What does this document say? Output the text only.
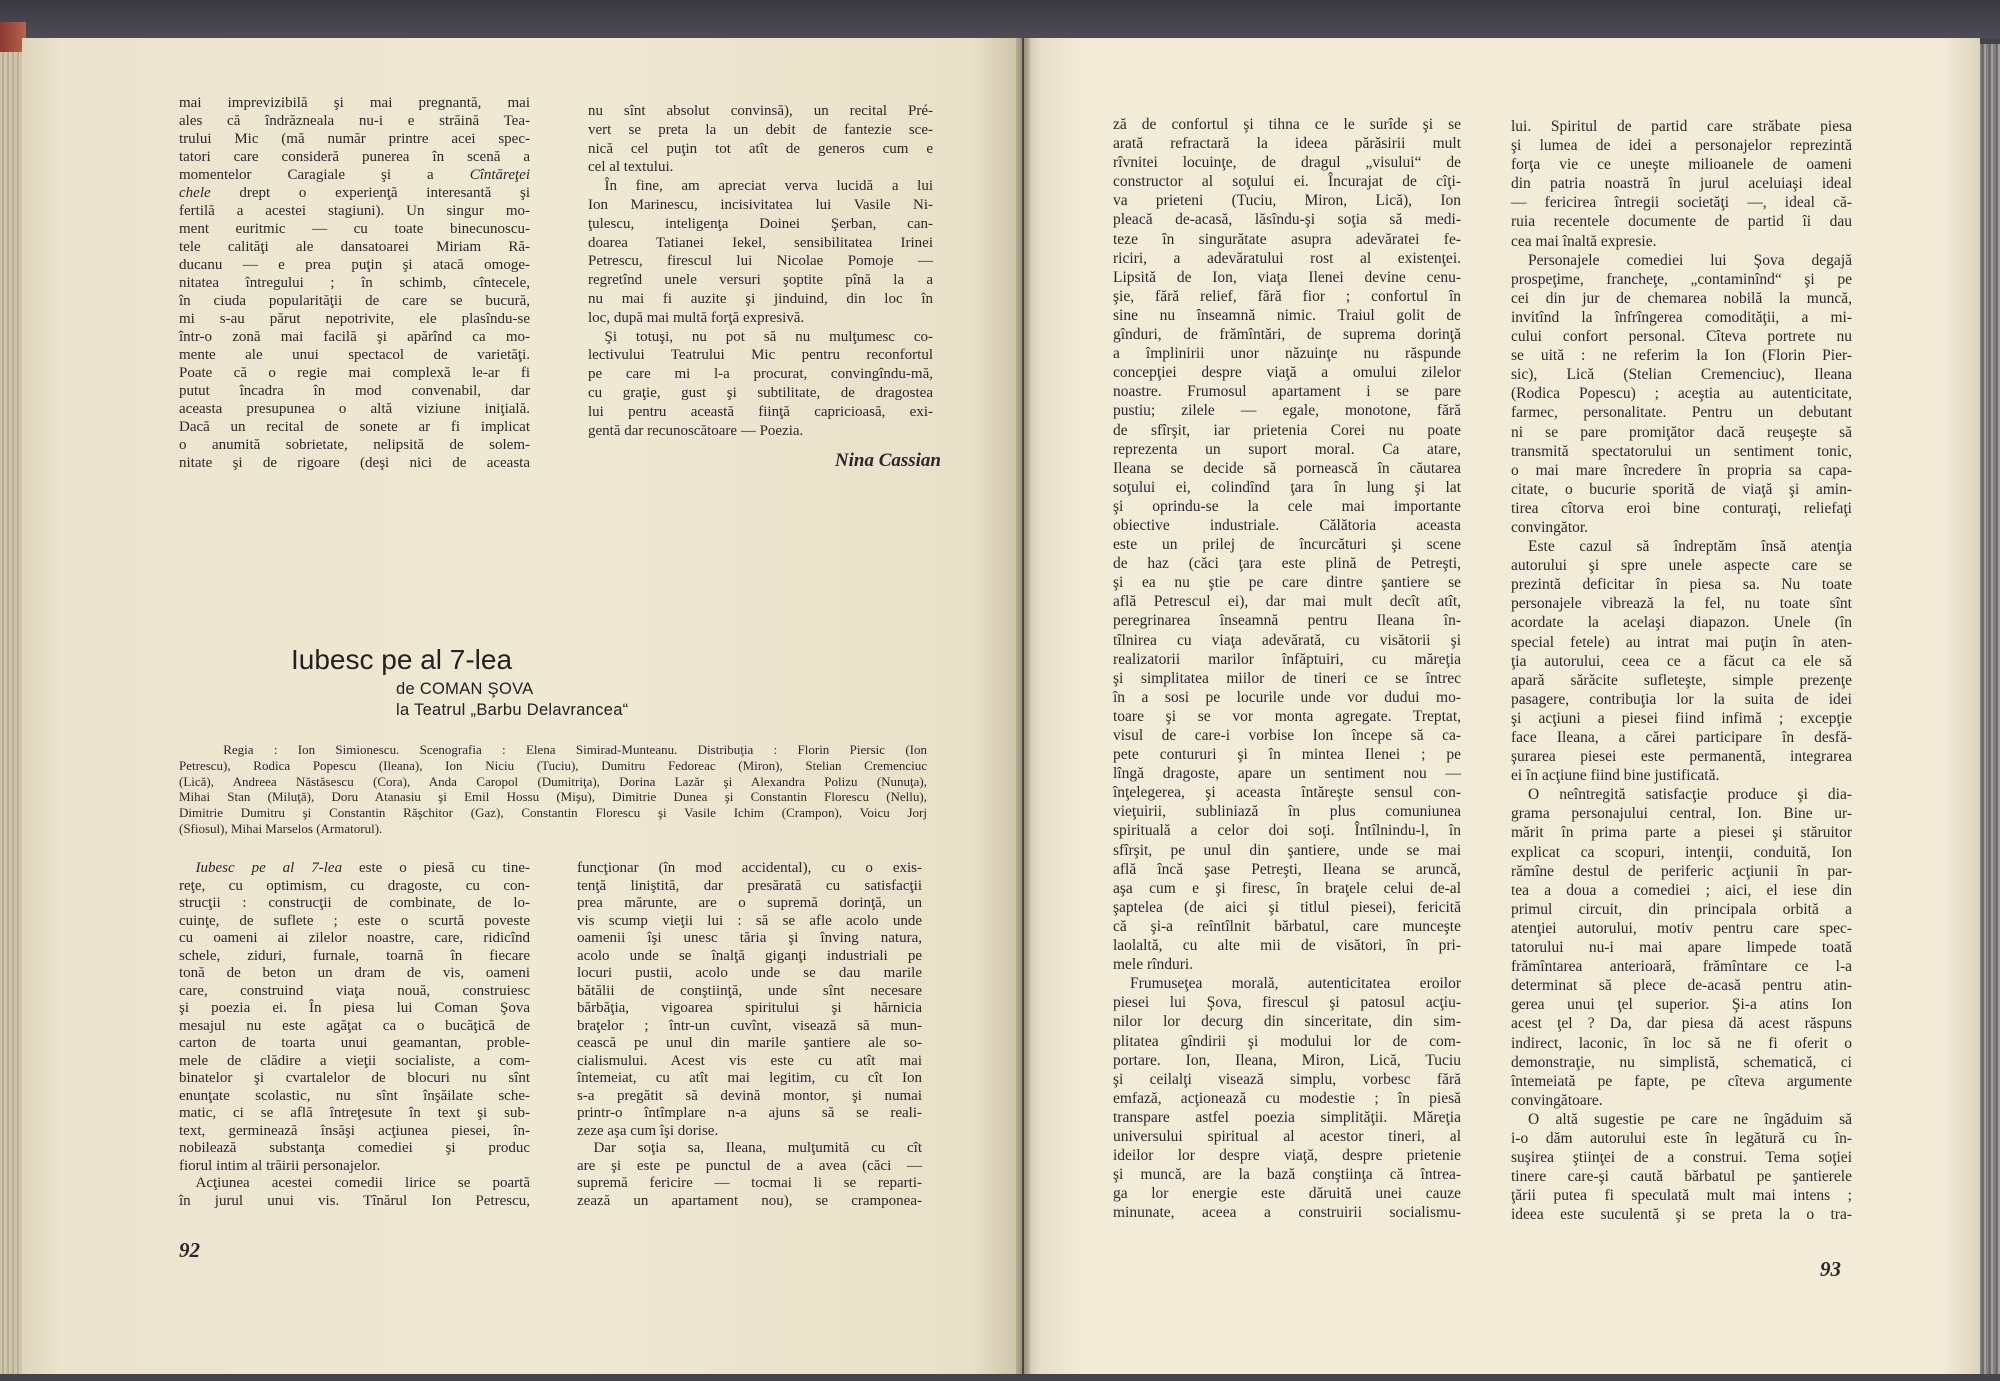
mai imprevizibilă şi mai pregnantă, mai
ales că îndrăzneala nu-i e străină Tea-
trului Mic (mă număr printre acei spec-
tatori care consideră punerea în scenă a
momentelor Caragiale şi a Cîntăreţei
chele drept o experienţă interesantă şi
fertilă a acestei stagiuni). Un singur mo-
ment euritmic — cu toate binecunoscu-
tele calităţi ale dansatoarei Miriam Ră-
ducanu — e prea puţin şi atacă omoge-
nitatea întregului ; în schimb, cîntecele,
în ciuda popularităţii de care se bucură,
mi s-au părut nepotrivite, ele plasîndu-se
într-o zonă mai facilă şi apărînd ca mo-
mente ale unui spectacol de varietăţi.
Poate că o regie mai complexă le-ar fi
putut încadra în mod convenabil, dar
aceasta presupunea o altă viziune iniţială.
Dacă un recital de sonete ar fi implicat
o anumită sobrietate, nelipsită de solem-
nitate şi de rigoare (deşi nici de aceasta
nu sînt absolut convinsă), un recital Pré-
vert se preta la un debit de fantezie sce-
nică cel puţin tot atît de generos cum e
cel al textului.
În fine, am apreciat verva lucidă a lui
Ion Marinescu, incisivitatea lui Vasile Ni-
ţulescu, inteligenţa Doinei Şerban, can-
doarea Tatianei Iekel, sensibilitatea Irinei
Petrescu, firescul lui Nicolae Pomoje —
regretînd unele versuri şoptite pînă la a
nu mai fi auzite şi jinduind, din loc în
loc, după mai multă forţă expresivă.
Şi totuşi, nu pot să nu mulţumesc co-
lectivului Teatrului Mic pentru reconfortul
pe care mi l-a procurat, convingîndu-mă,
cu graţie, gust şi subtilitate, de dragostea
lui pentru această fiinţă capricioasă, exi-
gentă dar recunoscătoare — Poezia.
Nina Cassian
Iubesc pe al 7-lea
de COMAN ŞOVA
la Teatrul „Barbu Delavrancea“
Regia : Ion Simionescu. Scenografia : Elena Simirad-Munteanu. Distribuţia : Florin Piersic (Ion
Petrescu), Rodica Popescu (Ileana), Ion Niciu (Tuciu), Dumitru Fedoreac (Miron), Stelian Cremenciuc
(Lică), Andreea Năstăsescu (Cora), Anda Caropol (Dumitriţa), Dorina Lazăr şi Alexandra Polizu (Nunuţa),
Mihai Stan (Miluţă), Doru Atanasiu şi Emil Hossu (Mişu), Dimitrie Dunea şi Constantin Florescu (Nellu),
Dimitrie Dumitru şi Constantin Răşchitor (Gaz), Constantin Florescu şi Vasile Ichim (Crampon), Voicu Jorj
(Sfiosul), Mihai Marselos (Armatorul).
Iubesc pe al 7-lea este o piesă cu tine-
reţe, cu optimism, cu dragoste, cu con-
strucţii : construcţii de combinate, de lo-
cuinţe, de suflete ; este o scurtă poveste
cu oameni ai zilelor noastre, care, ridicînd
schele, ziduri, furnale, toarnă în fiecare
tonă de beton un dram de vis, oameni
care, construind viaţa nouă, construiesc
şi poezia ei. În piesa lui Coman Şova
mesajul nu este agăţat ca o bucăţică de
carton de toarta unui geamantan, proble-
mele de clădire a vieţii socialiste, a com-
binatelor şi cvartalelor de blocuri nu sînt
enunţate scolastic, nu sînt înşăilate sche-
matic, ci se află întreţesute în text şi sub-
text, germinează însăşi acţiunea piesei, în-
nobilează substanţa comediei şi produc
fiorul intim al trăirii personajelor.
Acţiunea acestei comedii lirice se poartă
în jurul unui vis. Tînărul Ion Petrescu,
funcţionar (în mod accidental), cu o exis-
tenţă liniştită, dar presărată cu satisfacţii
prea mărunte, are o supremă dorinţă, un
vis scump vieţii lui : să se afle acolo unde
oamenii îşi unesc tăria şi înving natura,
acolo unde se înalţă giganţi industriali pe
locuri pustii, acolo unde se dau marile
bătălii de conştiinţă, unde sînt necesare
bărbăţia, vigoarea spiritului şi hărnicia
braţelor ; într-un cuvînt, visează să mun-
cească pe unul din marile şantiere ale so-
cialismului. Acest vis este cu atît mai
întemeiat, cu atît mai legitim, cu cît Ion
s-a pregătit să devină montor, şi numai
printr-o întîmplare n-a ajuns să se reali-
zeze aşa cum îşi dorise.
Dar soţia sa, Ileana, mulţumită cu cît
are şi este pe punctul de a avea (căci —
supremă fericire — tocmai li se reparti-
zează un apartament nou), se cramponea-
92
ză de confortul şi tihna ce le surîde şi se
arată refractară la ideea părăsirii mult
rîvnitei locuinţe, de dragul „visului“ de
constructor al soţului ei. Încurajat de cîţi-
va prieteni (Tuciu, Miron, Lică), Ion
pleacă de-acasă, lăsîndu-şi soţia să medi-
teze în singurătate asupra adevăratei fe-
riciri, a adevăratului rost al existenţei.
Lipsită de Ion, viaţa Ilenei devine cenu-
şie, fără relief, fără fior ; confortul în
sine nu înseamnă nimic. Traiul golit de
gînduri, de frămîntări, de suprema dorinţă
a împlinirii unor năzuinţe nu răspunde
concepţiei despre viaţă a omului zilelor
noastre. Frumosul apartament i se pare
pustiu; zilele — egale, monotone, fără
de sfîrşit, iar prietenia Corei nu poate
reprezenta un suport moral. Ca atare,
Ileana se decide să pornească în căutarea
soţului ei, colindînd ţara în lung şi lat
şi oprindu-se la cele mai importante
obiective industriale. Călătoria aceasta
este un prilej de încurcături şi scene
de haz (căci ţara este plină de Petreşti,
şi ea nu ştie pe care dintre şantiere se
află Petrescul ei), dar mai mult decît atît,
peregrinarea înseamnă pentru Ileana în-
tîlnirea cu viaţa adevărată, cu visătorii şi
realizatorii marilor înfăptuiri, cu măreţia
şi simplitatea miilor de tineri ce se întrec
în a sosi pe locurile unde vor dudui mo-
toare şi se vor monta agregate. Treptat,
visul de care-i vorbise Ion începe să ca-
pete contururi şi în mintea Ilenei ; pe
lîngă dragoste, apare un sentiment nou —
înţelegerea, şi aceasta întăreşte sensul con-
vieţuirii, subliniază în plus comuniunea
spirituală a celor doi soţi. Întîlnindu-l, în
sfîrşit, pe unul din şantiere, unde se mai
află încă şase Petreşti, Ileana se aruncă,
aşa cum e şi firesc, în braţele celui de-al
şaptelea (de aici şi titlul piesei), fericită
că şi-a reîntîlnit bărbatul, care munceşte
laolaltă, cu alte mii de visători, în pri-
mele rînduri.
Frumuseţea morală, autenticitatea eroilor
piesei lui Şova, firescul şi patosul acţiu-
nilor lor decurg din sinceritate, din sim-
plitatea gîndirii şi modului lor de com-
portare. Ion, Ileana, Miron, Lică, Tuciu
şi ceilalţi visează simplu, vorbesc fără
emfază, acţionează cu modestie ; în piesă
transpare astfel poezia simplităţii. Măreţia
universului spiritual al acestor tineri, al
ideilor lor despre viaţă, despre prietenie
şi muncă, are la bază conştiinţa că întrea-
ga lor energie este dăruită unei cauze
minunate, aceea a construirii socialismu-
lui. Spiritul de partid care străbate piesa
şi lumea de idei a personajelor reprezintă
forţa vie ce uneşte milioanele de oameni
din patria noastră în jurul aceluiaşi ideal
— fericirea întregii societăţi —, ideal că-
ruia recentele documente de partid îi dau
cea mai înaltă expresie.
Personajele comediei lui Şova degajă
prospeţime, francheţe, „contaminînd“ şi pe
cei din jur de chemarea nobilă la muncă,
invitînd la înfrîngerea comodităţii, a mi-
cului confort personal. Cîteva portrete nu
se uită : ne referim la Ion (Florin Pier-
sic), Lică (Stelian Cremenciuc), Ileana
(Rodica Popescu) ; aceştia au autenticitate,
farmec, personalitate. Pentru un debutant
ni se pare promiţător dacă reuşeşte să
transmită spectatorului un sentiment tonic,
o mai mare încredere în propria sa capa-
citate, o bucurie sporită de viaţă şi amin-
tirea cîtorva eroi bine conturaţi, reliefaţi
convingător.
Este cazul să îndreptăm însă atenţia
autorului şi spre unele aspecte care se
prezintă deficitar în piesa sa. Nu toate
personajele vibrează la fel, nu toate sînt
acordate la acelaşi diapazon. Unele (în
special fetele) au intrat mai puţin în aten-
ţia autorului, ceea ce a făcut ca ele să
apară sărăcite sufleteşte, simple prezenţe
pasagere, contribuţia lor la suita de idei
şi acţiuni a piesei fiind infimă ; excepţie
face Ileana, a cărei participare în desfă-
şurarea piesei este permanentă, integrarea
ei în acţiune fiind bine justificată.
O neîntregită satisfacţie produce şi dia-
grama personajului central, Ion. Bine ur-
mărit în prima parte a piesei şi stăruitor
explicat ca scopuri, intenţii, conduită, Ion
rămîne destul de periferic acţiunii în par-
tea a doua a comediei ; aici, el iese din
primul circuit, din principala orbită a
atenţiei autorului, motiv pentru care spec-
tatorului nu-i mai apare limpede toată
frămîntarea anterioară, frămîntare ce l-a
determinat să plece de-acasă pentru atin-
gerea unui ţel superior. Şi-a atins Ion
acest ţel ? Da, dar piesa dă acest răspuns
indirect, laconic, în loc să ne fi oferit o
demonstraţie, nu simplistă, schematică, ci
întemeiată pe fapte, pe cîteva argumente
convingătoare.
O altă sugestie pe care ne îngăduim să
i-o dăm autorului este în legătură cu în-
suşirea ştiinţei de a construi. Tema soţiei
tinere care-şi caută bărbatul pe şantierele
ţării putea fi speculată mult mai intens ;
ideea este suculentă şi se preta la o tra-
93
